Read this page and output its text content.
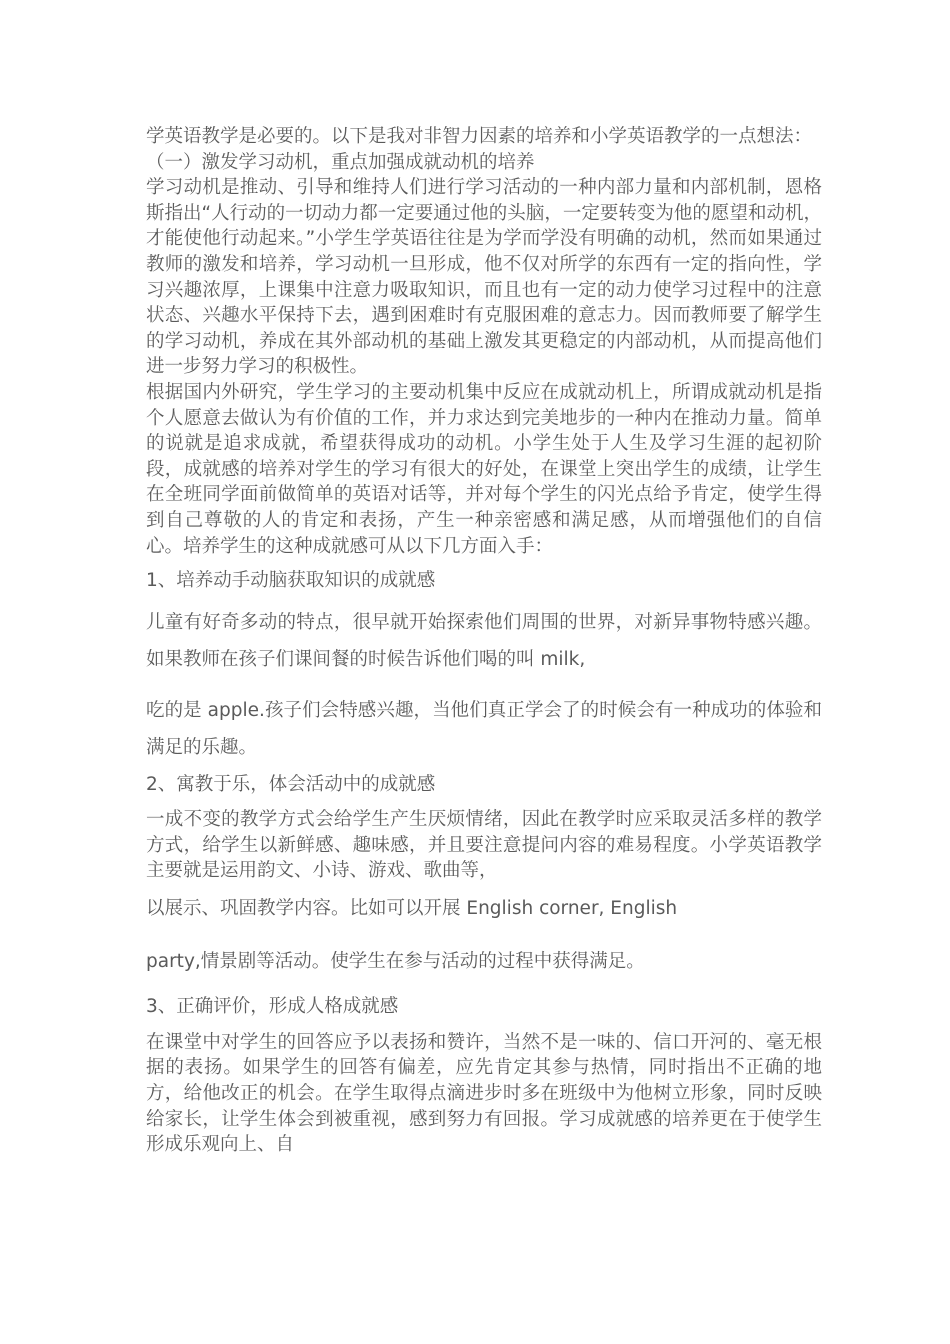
学英语教学是必要的。以下是我对非智力因素的培养和小学英语教学的一点想法：

（一）激发学习动机，重点加强成就动机的培养

学习动机是推动、引导和维持人们进行学习活动的一种内部力量和内部机制，恩格斯指出“人行动的一切动力都一定要通过他的头脑，一定要转变为他的愿望和动机，才能使他行动起来。”小学生学英语往往是为学而学没有明确的动机，然而如果通过教师的激发和培养，学习动机一旦形成，他不仅对所学的东西有一定的指向性，学习兴趣浓厚，上课集中注意力吸取知识，而且也有一定的动力使学习过程中的注意状态、兴趣水平保持下去，遇到困难时有克服困难的意志力。因而教师要了解学生的学习动机，养成在其外部动机的基础上激发其更稳定的内部动机，从而提高他们进一步努力学习的积极性。

根据国内外研究，学生学习的主要动机集中反应在成就动机上，所谓成就动机是指个人愿意去做认为有价值的工作，并力求达到完美地步的一种内在推动力量。简单的说就是追求成就，希望获得成功的动机。小学生处于人生及学习生涯的起初阶段，成就感的培养对学生的学习有很大的好处，在课堂上突出学生的成绩，让学生在全班同学面前做简单的英语对话等，并对每个学生的闪光点给予肯定，使学生得到自己尊敬的人的肯定和表扬，产生一种亲密感和满足感，从而增强他们的自信心。培养学生的这种成就感可从以下几方面入手：

1、培养动手动脑获取知识的成就感

儿童有好奇多动的特点，很早就开始探索他们周围的世界，对新异事物特感兴趣。如果教师在孩子们课间餐的时候告诉他们喝的叫 milk,

吃的是 apple.孩子们会特感兴趣，当他们真正学会了的时候会有一种成功的体验和满足的乐趣。

2、寓教于乐，体会活动中的成就感

一成不变的教学方式会给学生产生厌烦情绪，因此在教学时应采取灵活多样的教学方式，给学生以新鲜感、趣味感，并且要注意提问内容的难易程度。小学英语教学主要就是运用韵文、小诗、游戏、歌曲等，

以展示、巩固教学内容。比如可以开展 English corner, English

party,情景剧等活动。使学生在参与活动的过程中获得满足。

3、正确评价，形成人格成就感

在课堂中对学生的回答应予以表扬和赞许，当然不是一味的、信口开河的、毫无根据的表扬。如果学生的回答有偏差，应先肯定其参与热情，同时指出不正确的地方，给他改正的机会。在学生取得点滴进步时多在班级中为他树立形象，同时反映给家长，让学生体会到被重视，感到努力有回报。学习成就感的培养更在于使学生形成乐观向上、自
